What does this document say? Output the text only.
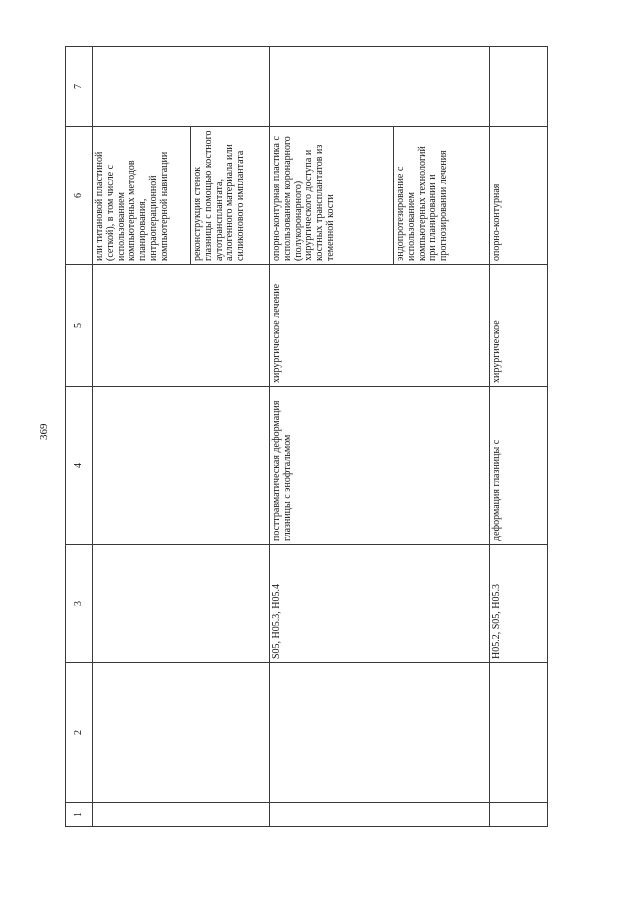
369
1	2	3	4	5	6	7
					или титановой пластиной (сеткой), в том числе с использованием компьютерных методов планирования, интраоперационной компьютерной навигации	
					реконструкция стенок глазницы с помощью костного аутотрансплантата, аллогенного материала или силиконового имплантата	
		S05, H05.3, H05.4	посттравматическая деформация глазницы с энофтальмом	хирургическое лечение	опорно-контурная пластика с использованием коронарного (полукоронарного) хирургического доступа и костных трансплантатов из теменной кости	
					эндопротезирование с использованием компьютерных технологий при планировании и прогнозировании лечения	
		H05.2, S05, H05.3	деформация глазницы с	хирургическое	опорно-контурная	
